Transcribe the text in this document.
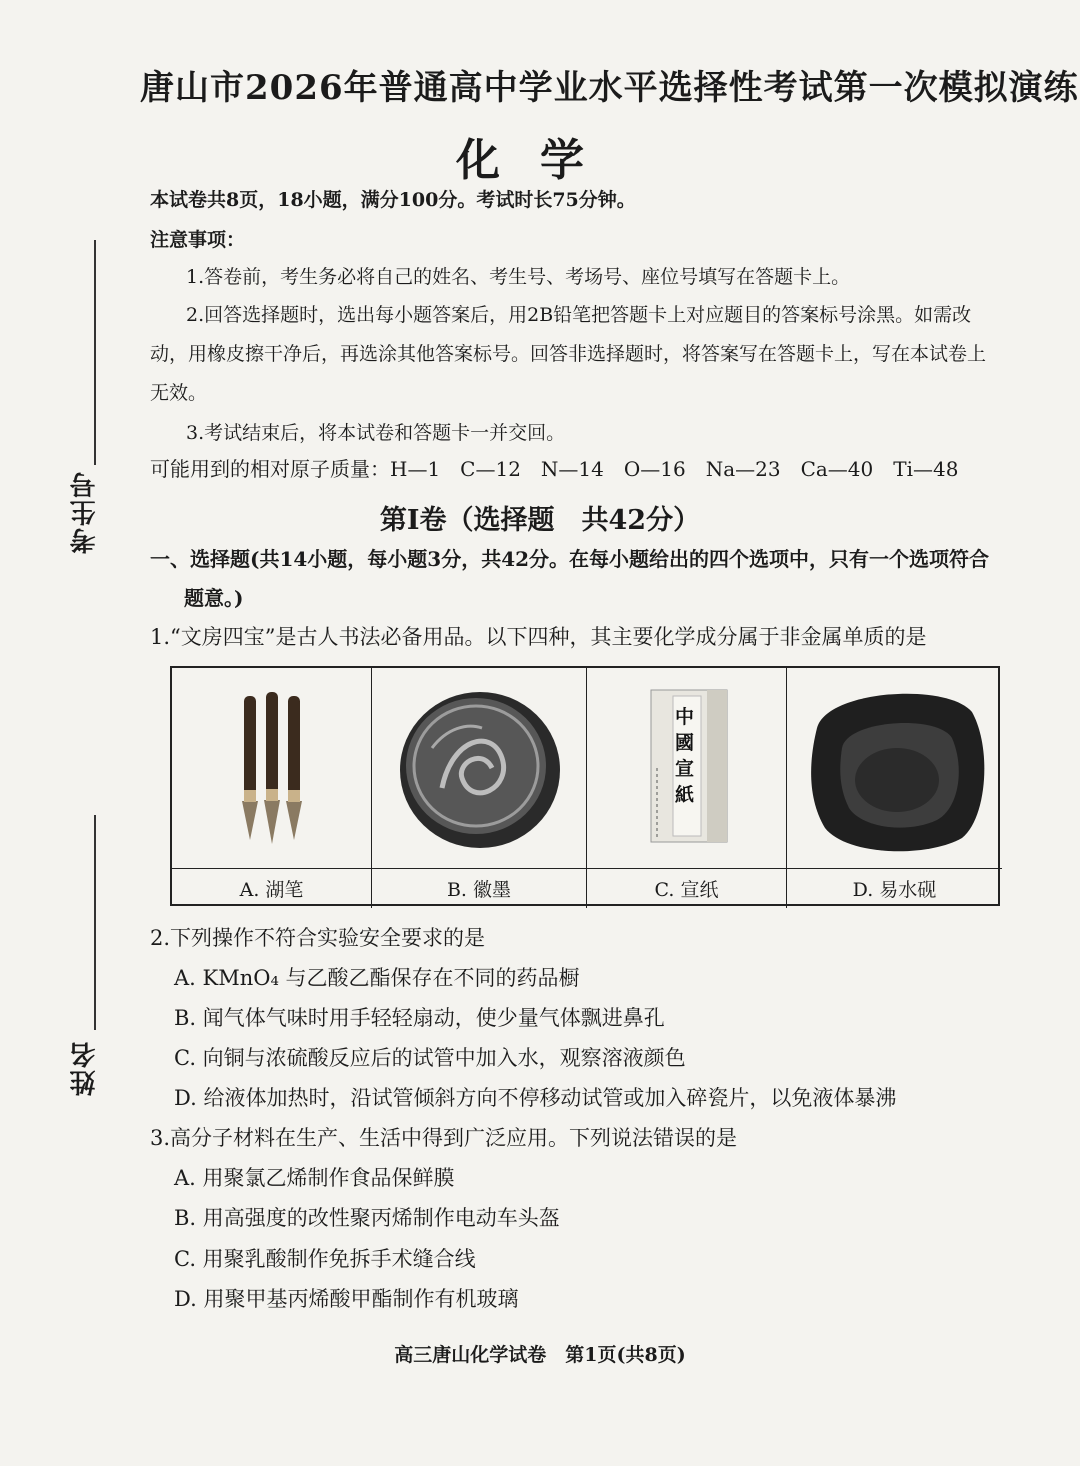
考生号
姓名
唐山市2026年普通高中学业水平选择性考试第一次模拟演练
化学
本试卷共8页，18小题，满分100分。考试时长75分钟。
注意事项：
1.答卷前，考生务必将自己的姓名、考生号、考场号、座位号填写在答题卡上。
2.回答选择题时，选出每小题答案后，用2B铅笔把答题卡上对应题目的答案标号涂黑。如需改动，用橡皮擦干净后，再选涂其他答案标号。回答非选择题时，将答案写在答题卡上，写在本试卷上无效。
3.考试结束后，将本试卷和答题卡一并交回。
可能用到的相对原子质量：H—1　C—12　N—14　O—16　Na—23　Ca—40　Ti—48
第Ⅰ卷（选择题　共42分）
一、选择题(共14小题，每小题3分，共42分。在每小题给出的四个选项中，只有一个选项符合题意。)
1.“文房四宝”是古人书法必备用品。以下四种，其主要化学成分属于非金属单质的是
中國宣紙
A. 湖笔	B. 徽墨	C. 宣纸	D. 易水砚
2.下列操作不符合实验安全要求的是
A. KMnO₄ 与乙酸乙酯保存在不同的药品橱
B. 闻气体气味时用手轻轻扇动，使少量气体飘进鼻孔
C. 向铜与浓硫酸反应后的试管中加入水，观察溶液颜色
D. 给液体加热时，沿试管倾斜方向不停移动试管或加入碎瓷片，以免液体暴沸
3.高分子材料在生产、生活中得到广泛应用。下列说法错误的是
A. 用聚氯乙烯制作食品保鲜膜
B. 用高强度的改性聚丙烯制作电动车头盔
C. 用聚乳酸制作免拆手术缝合线
D. 用聚甲基丙烯酸甲酯制作有机玻璃
高三唐山化学试卷　第1页(共8页)
